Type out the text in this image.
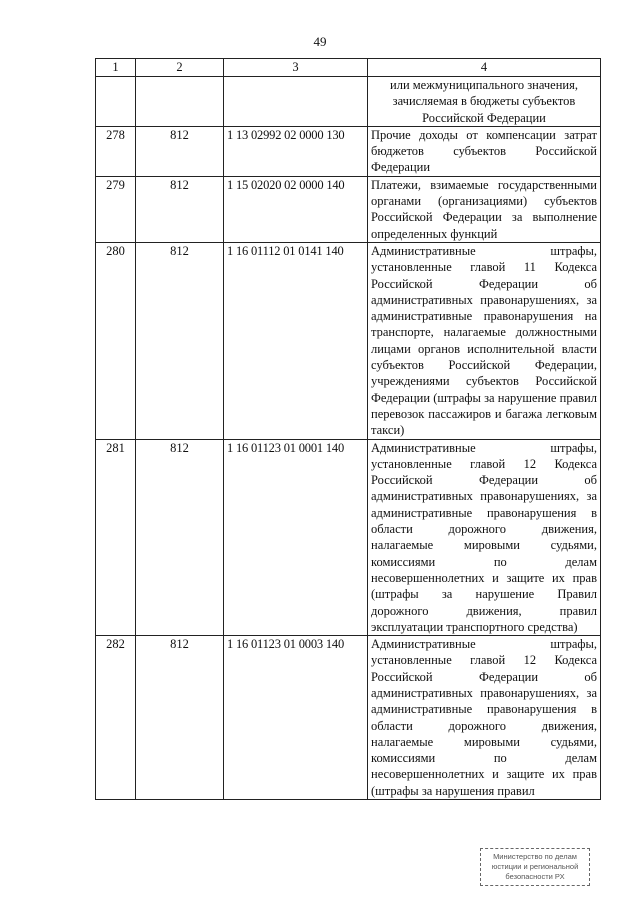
49
1	2	3	4
			или межмуниципального значения, зачисляемая в бюджеты субъектов Российской Федерации
278	812	1 13 02992 02 0000 130	Прочие доходы от компенсации затрат бюджетов субъектов Российской Федерации
279	812	1 15 02020 02 0000 140	Платежи, взимаемые государственными органами (организациями) субъектов Российской Федерации за выполнение определенных функций
280	812	1 16 01112 01 0141 140	Административные штрафы, установленные главой 11 Кодекса Российской Федерации об административных правонарушениях, за административные правонарушения на транспорте, налагаемые должностными лицами органов исполнительной власти субъектов Российской Федерации, учреждениями субъектов Российской Федерации (штрафы за нарушение правил перевозок пассажиров и багажа легковым такси)
281	812	1 16 01123 01 0001 140	Административные штрафы, установленные главой 12 Кодекса Российской Федерации об административных правонарушениях, за административные правонарушения в области дорожного движения, налагаемые мировыми судьями, комиссиями по делам несовершеннолетних и защите их прав (штрафы за нарушение Правил дорожного движения, правил эксплуатации транспортного средства)
282	812	1 16 01123 01 0003 140	Административные штрафы, установленные главой 12 Кодекса Российской Федерации об административных правонарушениях, за административные правонарушения в области дорожного движения, налагаемые мировыми судьями, комиссиями по делам несовершеннолетних и защите их прав (штрафы за нарушения правил
Министерство по делам
юстиции и региональной
безопасности РХ
